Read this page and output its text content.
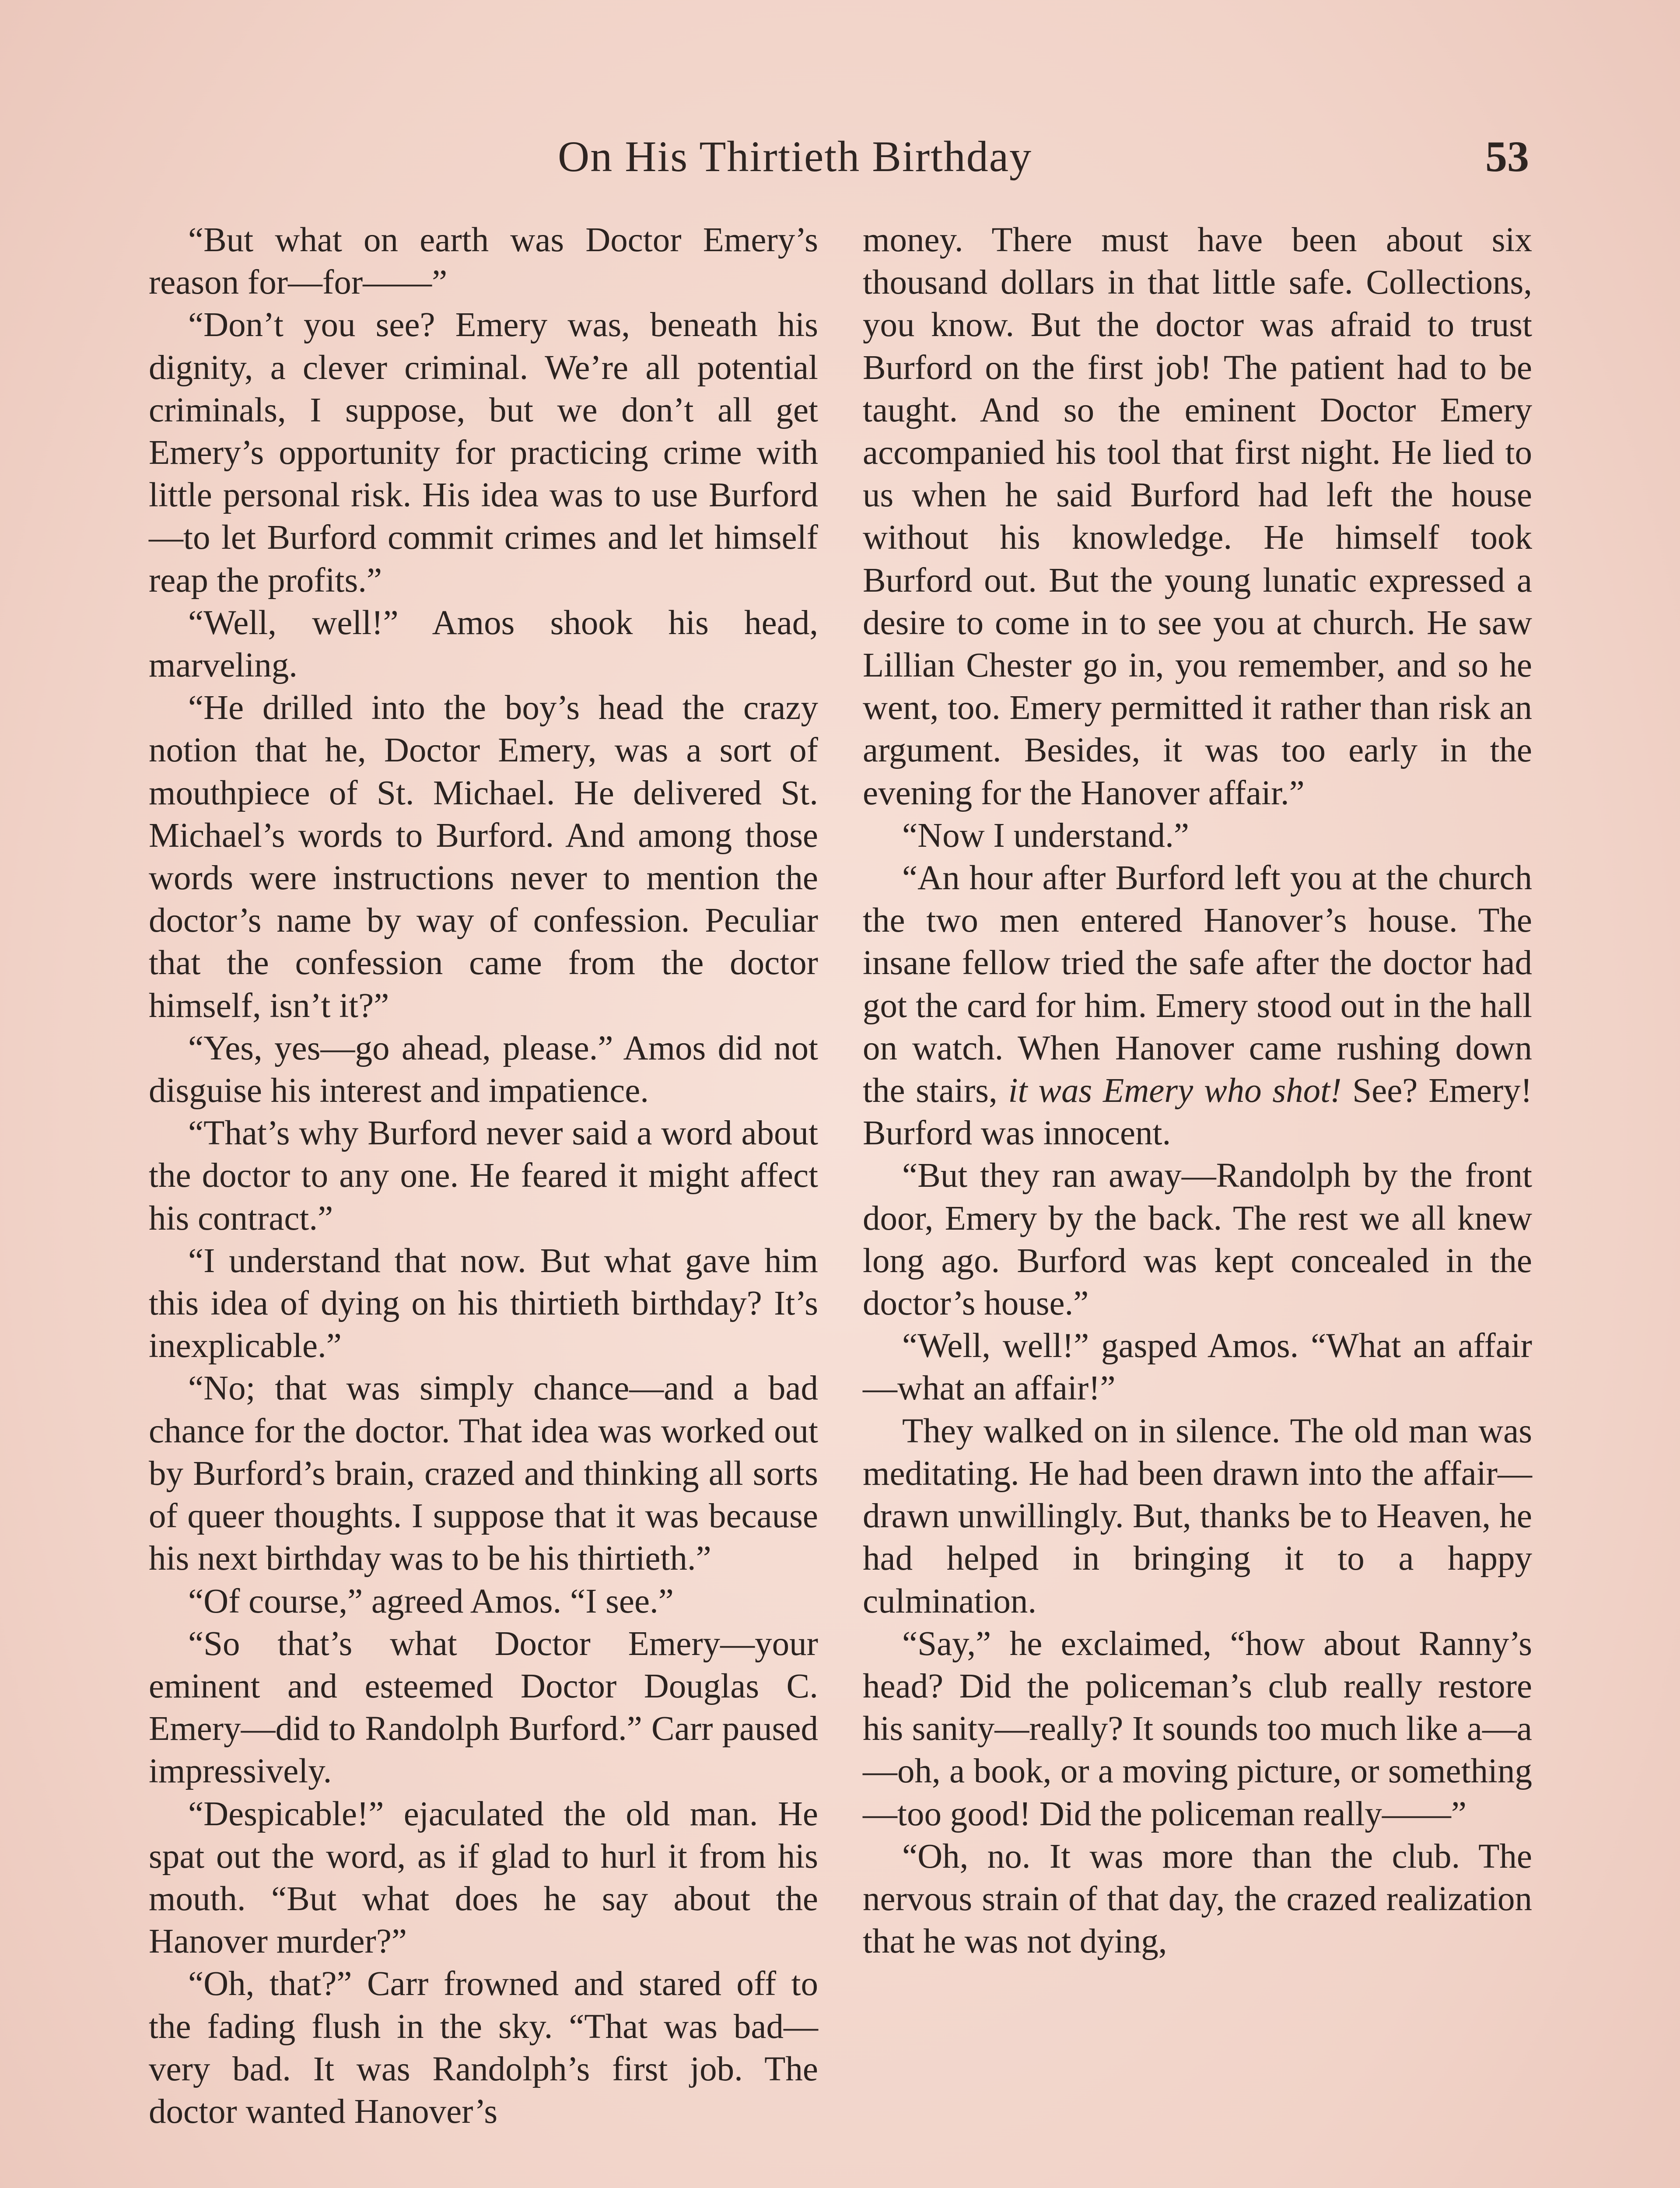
On His Thirtieth Birthday	53

“But what on earth was Doctor Emery’s reason for—for——”

“Don’t you see? Emery was, beneath his dignity, a clever criminal. We’re all potential criminals, I suppose, but we don’t all get Emery’s opportunity for practicing crime with little personal risk. His idea was to use Burford—to let Burford commit crimes and let himself reap the profits.”

“Well, well!” Amos shook his head, marveling.

“He drilled into the boy’s head the crazy notion that he, Doctor Emery, was a sort of mouthpiece of St. Michael. He delivered St. Michael’s words to Burford. And among those words were instructions never to mention the doctor’s name by way of confession. Peculiar that the confession came from the doctor himself, isn’t it?”

“Yes, yes—go ahead, please.” Amos did not disguise his interest and impatience.

“That’s why Burford never said a word about the doctor to any one. He feared it might affect his contract.”

“I understand that now. But what gave him this idea of dying on his thirtieth birthday? It’s inexplicable.”

“No; that was simply chance—and a bad chance for the doctor. That idea was worked out by Burford’s brain, crazed and thinking all sorts of queer thoughts. I suppose that it was because his next birthday was to be his thirtieth.”

“Of course,” agreed Amos. “I see.”

“So that’s what Doctor Emery—your eminent and esteemed Doctor Douglas C. Emery—did to Randolph Burford.” Carr paused impressively.

“Despicable!” ejaculated the old man. He spat out the word, as if glad to hurl it from his mouth. “But what does he say about the Hanover murder?”

“Oh, that?” Carr frowned and stared off to the fading flush in the sky. “That was bad—very bad. It was Randolph’s first job. The doctor wanted Hanover’s

money. There must have been about six thousand dollars in that little safe. Collections, you know. But the doctor was afraid to trust Burford on the first job! The patient had to be taught. And so the eminent Doctor Emery accompanied his tool that first night. He lied to us when he said Burford had left the house without his knowledge. He himself took Burford out. But the young lunatic expressed a desire to come in to see you at church. He saw Lillian Chester go in, you remember, and so he went, too. Emery permitted it rather than risk an argument. Besides, it was too early in the evening for the Hanover affair.”

“Now I understand.”

“An hour after Burford left you at the church the two men entered Hanover’s house. The insane fellow tried the safe after the doctor had got the card for him. Emery stood out in the hall on watch. When Hanover came rushing down the stairs, it was Emery who shot! See? Emery! Burford was innocent.

“But they ran away—Randolph by the front door, Emery by the back. The rest we all knew long ago. Burford was kept concealed in the doctor’s house.”

“Well, well!” gasped Amos. “What an affair—what an affair!”

They walked on in silence. The old man was meditating. He had been drawn into the affair—drawn unwillingly. But, thanks be to Heaven, he had helped in bringing it to a happy culmination.

“Say,” he exclaimed, “how about Ranny’s head? Did the policeman’s club really restore his sanity—really? It sounds too much like a—a—oh, a book, or a moving picture, or something—too good! Did the policeman really——”

“Oh, no. It was more than the club. The nervous strain of that day, the crazed realization that he was not dying,
